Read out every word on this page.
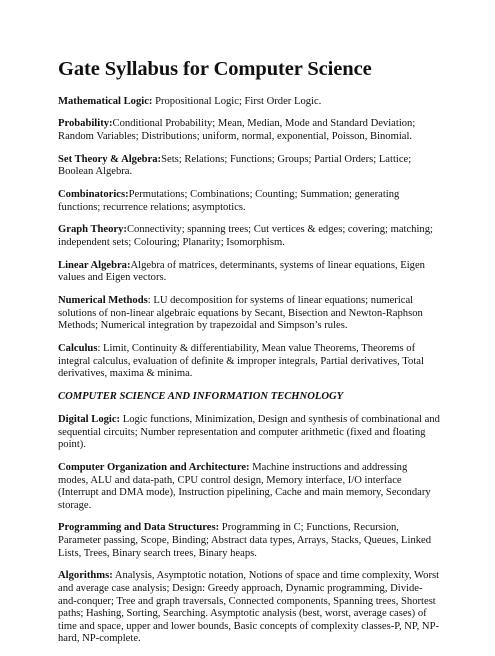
Gate Syllabus for Computer Science

Mathematical Logic: Propositional Logic; First Order Logic.

Probability:Conditional Probability; Mean, Median, Mode and Standard Deviation; Random Variables; Distributions; uniform, normal, exponential, Poisson, Binomial.

Set Theory & Algebra:Sets; Relations; Functions; Groups; Partial Orders; Lattice; Boolean Algebra.

Combinatorics:Permutations; Combinations; Counting; Summation; generating functions; recurrence relations; asymptotics.

Graph Theory:Connectivity; spanning trees; Cut vertices & edges; covering; matching; independent sets; Colouring; Planarity; Isomorphism.

Linear Algebra:Algebra of matrices, determinants, systems of linear equations, Eigen values and Eigen vectors.

Numerical Methods: LU decomposition for systems of linear equations; numerical solutions of non-linear algebraic equations by Secant, Bisection and Newton-Raphson Methods; Numerical integration by trapezoidal and Simpson’s rules.

Calculus: Limit, Continuity & differentiability, Mean value Theorems, Theorems of integral calculus, evaluation of definite & improper integrals, Partial derivatives, Total derivatives, maxima & minima.

COMPUTER SCIENCE AND INFORMATION TECHNOLOGY

Digital Logic: Logic functions, Minimization, Design and synthesis of combinational and sequential circuits; Number representation and computer arithmetic (fixed and floating point).

Computer Organization and Architecture: Machine instructions and addressing modes, ALU and data-path, CPU control design, Memory interface, I/O interface (Interrupt and DMA mode), Instruction pipelining, Cache and main memory, Secondary storage.

Programming and Data Structures: Programming in C; Functions, Recursion, Parameter passing, Scope, Binding; Abstract data types, Arrays, Stacks, Queues, Linked Lists, Trees, Binary search trees, Binary heaps.

Algorithms: Analysis, Asymptotic notation, Notions of space and time complexity, Worst and average case analysis; Design: Greedy approach, Dynamic programming, Divide-and-conquer; Tree and graph traversals, Connected components, Spanning trees, Shortest paths; Hashing, Sorting, Searching. Asymptotic analysis (best, worst, average cases) of time and space, upper and lower bounds, Basic concepts of complexity classes-P, NP, NP-hard, NP-complete.
